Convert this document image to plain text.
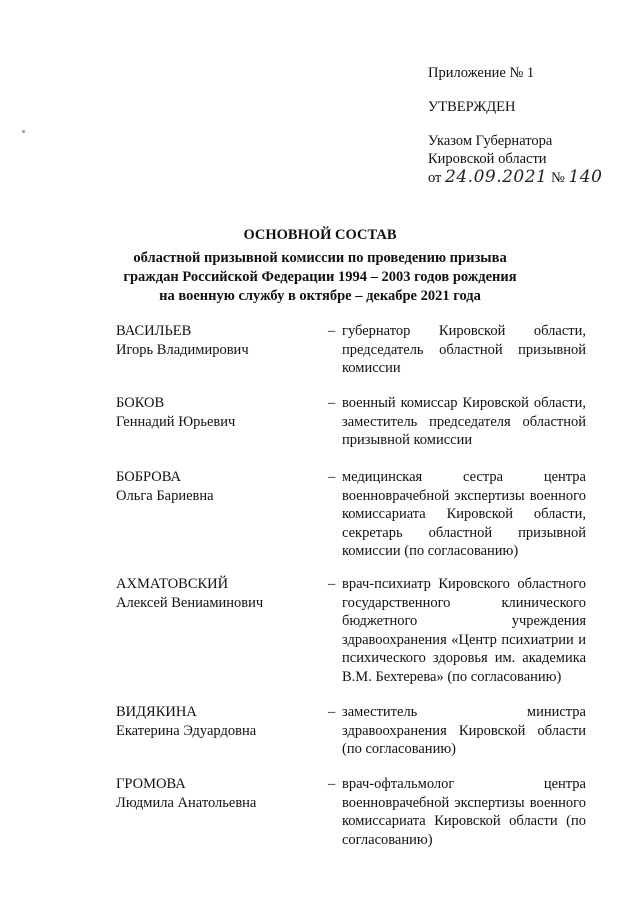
Приложение № 1
УТВЕРЖДЕН
Указом Губернатора
Кировской области
от 24.09.2021 № 140
ОСНОВНОЙ СОСТАВ
областной призывной комиссии по проведению призыва
граждан Российской Федерации 1994 – 2003 годов рождения
на военную службу в октябре – декабре 2021 года
ВАСИЛЬЕВ
Игорь Владимирович
– губернатор Кировской области, председатель областной призывной комиссии
БОКОВ
Геннадий Юрьевич
– военный комиссар Кировской области, заместитель председателя областной призывной комиссии
БОБРОВА
Ольга Бариевна
– медицинская сестра центра военноврачебной экспертизы военного комиссариата Кировской области, секретарь областной призывной комиссии (по согласованию)
АХМАТОВСКИЙ
Алексей Вениаминович
– врач-психиатр Кировского областного государственного клинического бюджетного учреждения здравоохранения «Центр психиатрии и психического здоровья им. академика В.М. Бехтерева» (по согласованию)
ВИДЯКИНА
Екатерина Эдуардовна
– заместитель министра здравоохранения Кировской области (по согласованию)
ГРОМОВА
Людмила Анатольевна
– врач-офтальмолог центра военноврачебной экспертизы военного комиссариата Кировской области (по согласованию)
